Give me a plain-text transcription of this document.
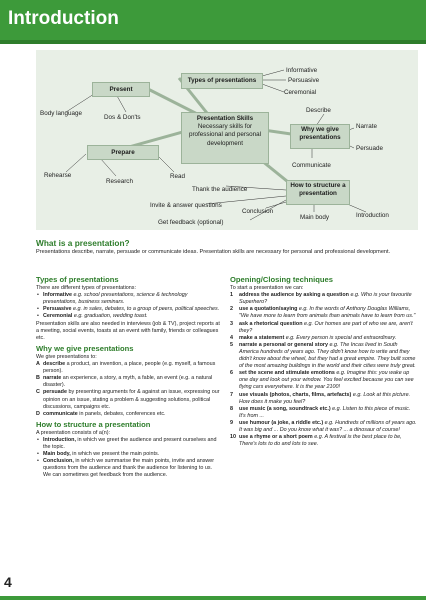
Introduction
Types of presentations
Present
Presentation Skills
Necessary skills for professional and personal development
Prepare
Why we give presentations
How to structure a presentation
Informative
Persuasive
Ceremonial
Describe
Narrate
Persuade
Communicate
Body language
Dos & Don'ts
Rehearse
Research
Read
Thank the audience
Invite & answer questions
Get feedback (optional)
Conclusion
Main body	Introduction
What is a presentation?
Presentations describe, narrate, persuade or communicate ideas. Presentation skills are necessary for personal and professional development.
Types of presentations
There are different types of presentations:
• Informative e.g. school presentations, science & technology presentations, business seminars.
• Persuasive e.g. in sales, debates, to a group of peers, political speeches.
• Ceremonial e.g. graduation, wedding toast.
Presentation skills are also needed in interviews (job & TV), project reports at a meeting, social events, toasts at an event with family, friends or colleagues etc.
Why we give presentations
We give presentations to:
A describe a product, an invention, a place, people (e.g. myself, a famous person).
B narrate an experience, a story, a myth, a fable, an event (e.g. a natural disaster).
C persuade by presenting arguments for & against an issue, expressing our opinion on an issue, stating a problem & suggesting solutions, political discussions, campaigns etc.
D communicate in panels, debates, conferences etc.
How to structure a presentation
A presentation consists of a(n):
• Introduction, in which we greet the audience and present ourselves and the topic.
• Main body, in which we present the main points.
• Conclusion, in which we summarise the main points, invite and answer questions from the audience and thank the audience for listening to us. We can sometimes get feedback from the audience.
Opening/Closing techniques
To start a presentation we can:
1 address the audience by asking a question e.g. Who is your favourite Superhero?
2 use a quotation/saying e.g. In the words of Anthony Douglas Williams, "We have more to learn from animals than animals have to learn from us."
3 ask a rhetorical question e.g. Our homes are part of who we are, aren't they?
4 make a statement e.g. Every person is special and extraordinary.
5 narrate a personal or general story e.g. The Incas lived in South America hundreds of years ago. They didn't know how to write and they didn't know about the wheel, but they had a great empire. They built some of the most amazing buildings in the world and their cities were truly great.
6 set the scene and stimulate emotions e.g. Imagine this: you wake up one day and look out your window. You feel excited because you can see flying cars everywhere. It is the year 2100!
7 use visuals (photos, charts, films, artefacts) e.g. Look at this picture. How does it make you feel?
8 use music (a song, soundtrack etc.) e.g. Listen to this piece of music. It's from ...
9 use humour (a joke, a riddle etc.) e.g. Hundreds of millions of years ago. It was big and ... Do you know what it was? ... a dinosaur of course!
10 use a rhyme or a short poem e.g. A festival is the best place to be, There's lots to do and lots to see.
4
